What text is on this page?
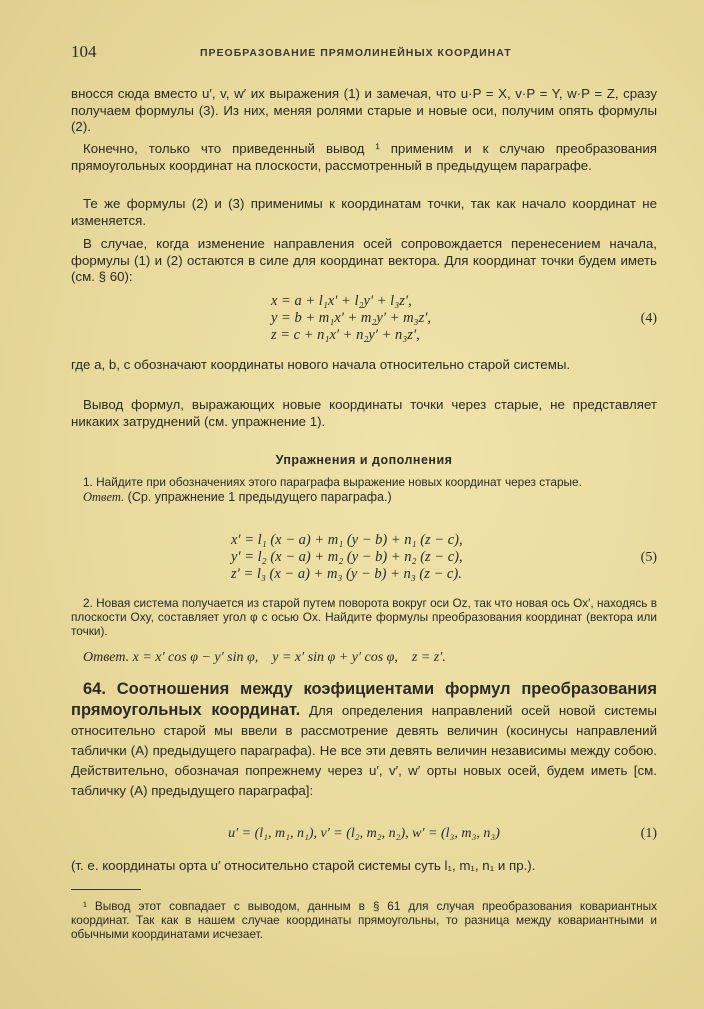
104	ПРЕОБРАЗОВАНИЕ ПРЯМОЛИНЕЙНЫХ КООРДИНАТ

вносся сюда вместо u′, v, w′ их выражения (1) и замечая, что u·P = X, v·P = Y, w·P = Z, сразу получаем формулы (3). Из них, меняя ролями старые и новые оси, получим опять формулы (2).

Конечно, только что приведенный вывод ¹ применим и к случаю преобразования прямоугольных координат на плоскости, рассмотренный в предыдущем параграфе.

Те же формулы (2) и (3) применимы к координатам точки, так как начало координат не изменяется.

В случае, когда изменение направления осей сопровождается перенесением начала, формулы (1) и (2) остаются в силе для координат вектора. Для координат точки будем иметь (см. § 60):

x = a + l₁x′ + l₂y′ + l₃z′,
y = b + m₁x′ + m₂y′ + m₃z′,
z = c + n₁x′ + n₂y′ + n₃z′,
(4)

где a, b, c обозначают координаты нового начала относительно старой системы.

Вывод формул, выражающих новые координаты точки через старые, не представляет никаких затруднений (см. упражнение 1).

Упражнения и дополнения

1. Найдите при обозначениях этого параграфа выражение новых координат через старые.

Ответ. (Ср. упражнение 1 предыдущего параграфа.)

x′ = l₁ (x − a) + m₁ (y − b) + n₁ (z − c),
y′ = l₂ (x − a) + m₂ (y − b) + n₂ (z − c),
z′ = l₃ (x − a) + m₃ (y − b) + n₃ (z − c).
(5)

2. Новая система получается из старой путем поворота вокруг оси Oz, так что новая ось Ox′, находясь в плоскости Oxy, составляет угол φ с осью Ox. Найдите формулы преобразования координат (вектора или точки).

Ответ. x = x′ cos φ − y′ sin φ,    y = x′ sin φ + y′ cos φ,    z = z′.

64. Соотношения между коэфициентами формул преобразования прямоугольных координат. Для определения направлений осей новой системы относительно старой мы ввели в рассмотрение девять величин (косинусы направлений таблички (А) предыдущего параграфа). Не все эти девять величин независимы между собою. Действительно, обозначая попрежнему через u′, v′, w′ орты новых осей, будем иметь [см. табличку (А) предыдущего параграфа]:

u′ = (l₁, m₁, n₁), v′ = (l₂, m₂, n₂), w′ = (l₃, m₃, n₃)	(1)

(т. е. координаты орта u′ относительно старой системы суть l₁, m₁, n₁ и пр.).

¹ Вывод этот совпадает с выводом, данным в § 61 для случая преобразования ковариантных координат. Так как в нашем случае координаты прямоугольны, то разница между ковариантными и обычными координатами исчезает.
